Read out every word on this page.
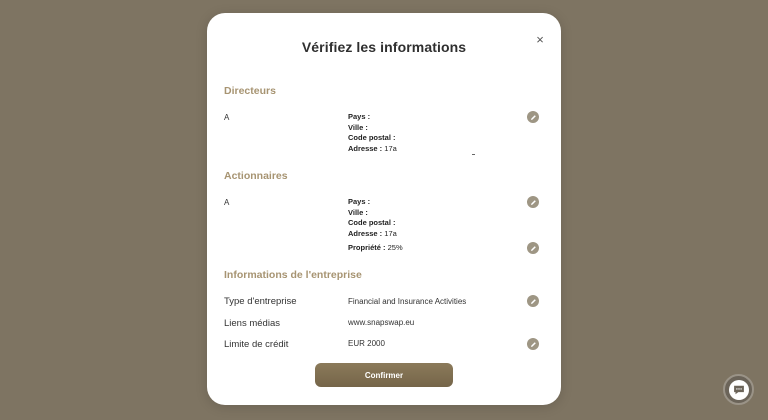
×
Vérifiez les informations
Directeurs
A	Pays :
Ville :
Code postal :
Adresse : 17a
Actionnaires
A	Pays :
Ville :
Code postal :
Adresse : 17a
Propriété : 25%
Informations de l'entreprise
Type d'entreprise	Financial and Insurance Activities
Liens médias	www.snapswap.eu
Limite de crédit	EUR 2000
Confirmer
